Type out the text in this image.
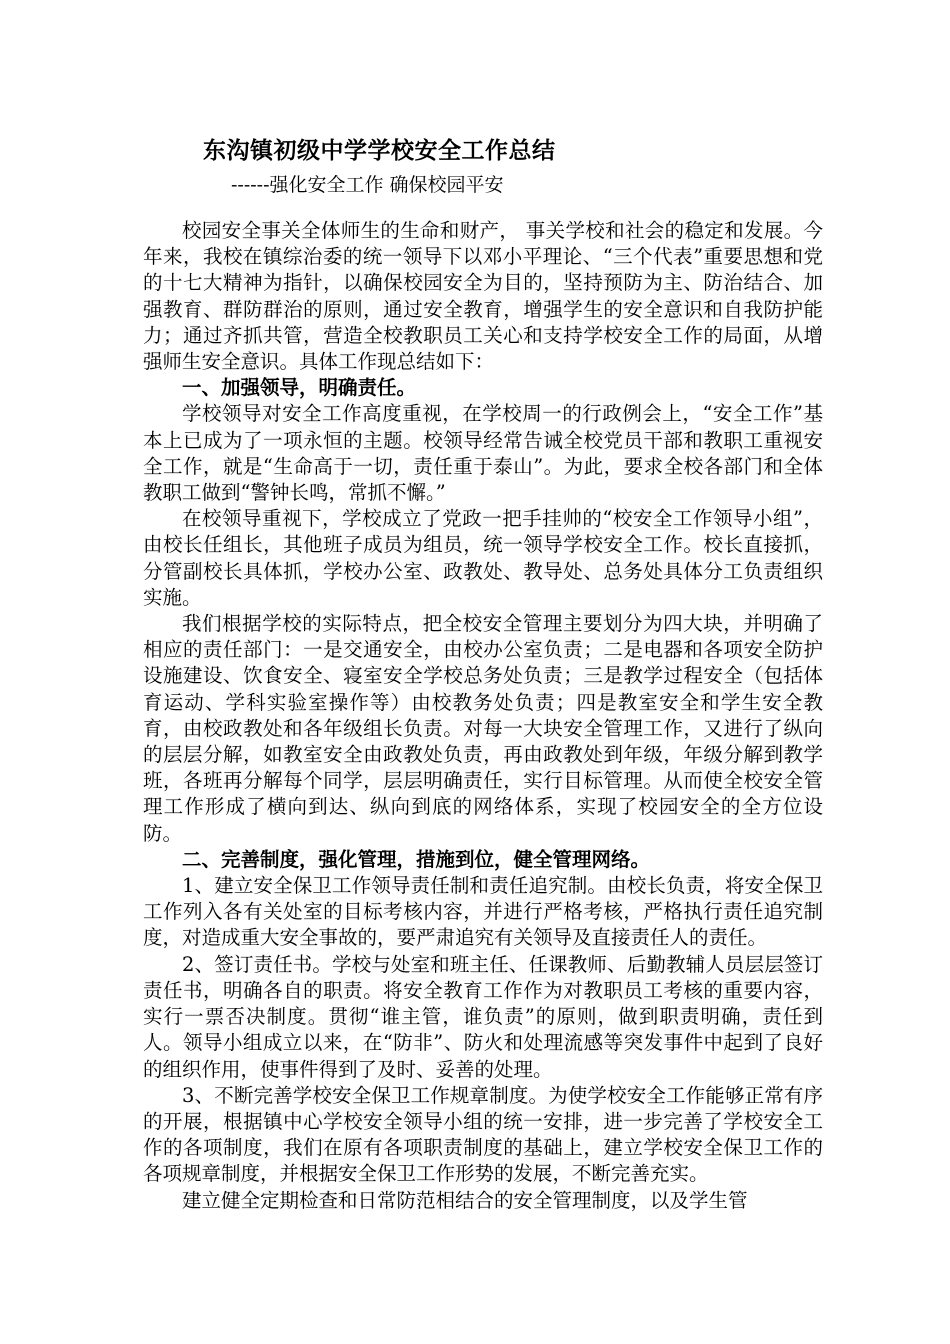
东沟镇初级中学学校安全工作总结
------强化安全工作 确保校园平安

校园安全事关全体师生的生命和财产， 事关学校和社会的稳定和发展。今年来，我校在镇综治委的统一领导下以邓小平理论、“三个代表”重要思想和党的十七大精神为指针，以确保校园安全为目的，坚持预防为主、防治结合、加强教育、群防群治的原则，通过安全教育，增强学生的安全意识和自我防护能力；通过齐抓共管，营造全校教职员工关心和支持学校安全工作的局面，从增强师生安全意识。具体工作现总结如下：

一、加强领导，明确责任。

学校领导对安全工作高度重视，在学校周一的行政例会上，“安全工作”基本上已成为了一项永恒的主题。校领导经常告诫全校党员干部和教职工重视安全工作，就是“生命高于一切，责任重于泰山”。为此，要求全校各部门和全体教职工做到“警钟长鸣，常抓不懈。”

在校领导重视下，学校成立了党政一把手挂帅的“校安全工作领导小组”，由校长任组长，其他班子成员为组员，统一领导学校安全工作。校长直接抓，分管副校长具体抓，学校办公室、政教处、教导处、总务处具体分工负责组织实施。

我们根据学校的实际特点，把全校安全管理主要划分为四大块，并明确了相应的责任部门：一是交通安全，由校办公室负责；二是电器和各项安全防护设施建设、饮食安全、寝室安全学校总务处负责；三是教学过程安全（包括体育运动、学科实验室操作等）由校教务处负责；四是教室安全和学生安全教育，由校政教处和各年级组长负责。对每一大块安全管理工作，又进行了纵向的层层分解，如教室安全由政教处负责，再由政教处到年级，年级分解到教学班，各班再分解每个同学，层层明确责任，实行目标管理。从而使全校安全管理工作形成了横向到达、纵向到底的网络体系，实现了校园安全的全方位设防。

二、完善制度，强化管理，措施到位，健全管理网络。

1、建立安全保卫工作领导责任制和责任追究制。由校长负责，将安全保卫工作列入各有关处室的目标考核内容，并进行严格考核，严格执行责任追究制度，对造成重大安全事故的，要严肃追究有关领导及直接责任人的责任。

2、签订责任书。学校与处室和班主任、任课教师、后勤教辅人员层层签订责任书，明确各自的职责。将安全教育工作作为对教职员工考核的重要内容，实行一票否决制度。贯彻“谁主管，谁负责”的原则，做到职责明确，责任到人。领导小组成立以来，在“防非”、防火和处理流感等突发事件中起到了良好的组织作用，使事件得到了及时、妥善的处理。

3、不断完善学校安全保卫工作规章制度。为使学校安全工作能够正常有序的开展，根据镇中心学校安全领导小组的统一安排，进一步完善了学校安全工作的各项制度，我们在原有各项职责制度的基础上，建立学校安全保卫工作的各项规章制度，并根据安全保卫工作形势的发展，不断完善充实。

建立健全定期检查和日常防范相结合的安全管理制度，以及学生管
